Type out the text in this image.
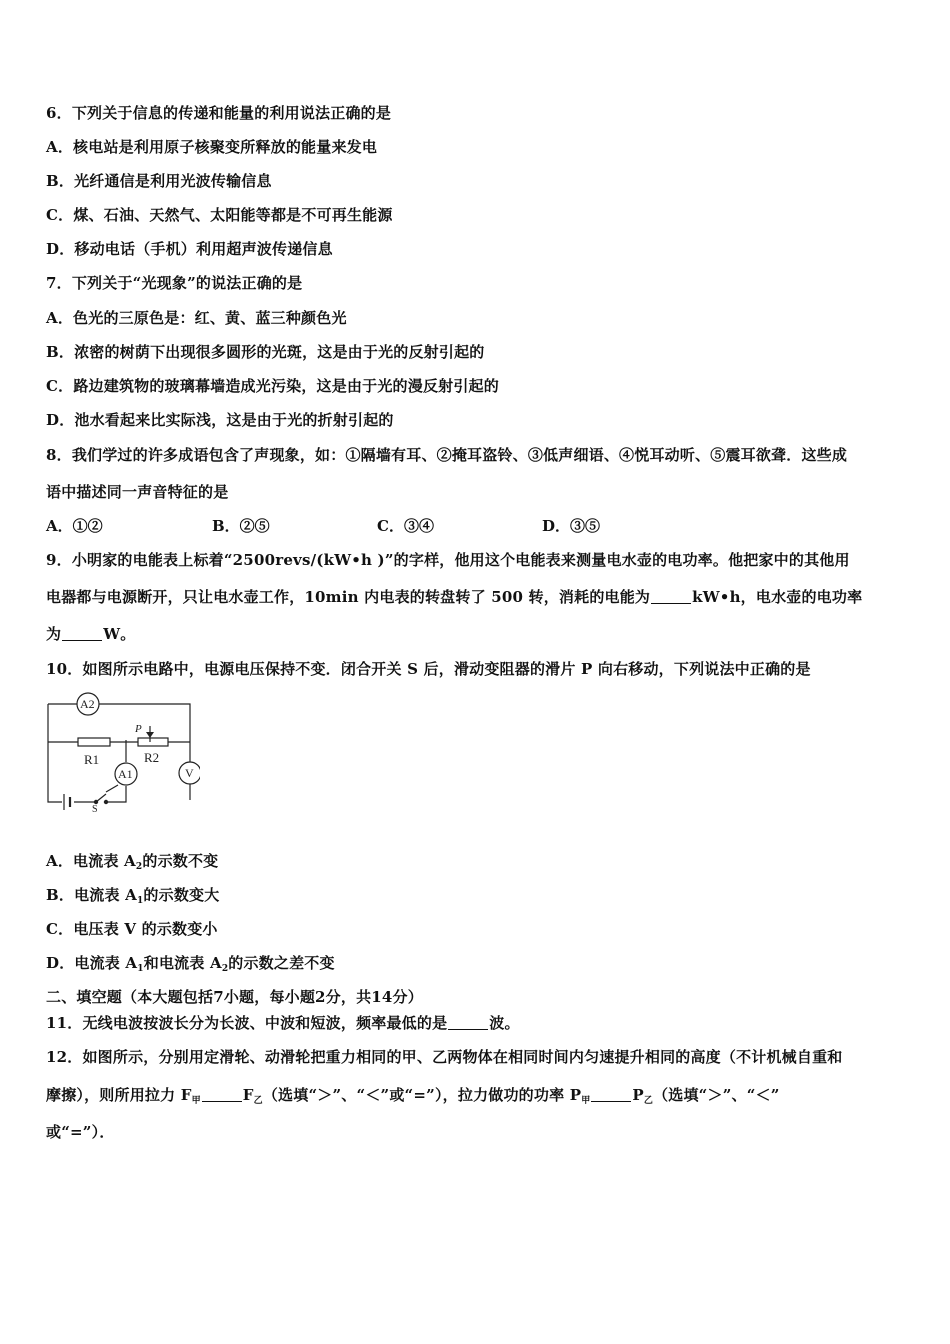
6．下列关于信息的传递和能量的利用说法正确的是
A．核电站是利用原子核聚变所释放的能量来发电
B．光纤通信是利用光波传输信息
C．煤、石油、天然气、太阳能等都是不可再生能源
D．移动电话（手机）利用超声波传递信息
7．下列关于“光现象”的说法正确的是
A．色光的三原色是：红、黄、蓝三种颜色光
B．浓密的树荫下出现很多圆形的光斑，这是由于光的反射引起的
C．路边建筑物的玻璃幕墙造成光污染，这是由于光的漫反射引起的
D．池水看起来比实际浅，这是由于光的折射引起的
8．我们学过的许多成语包含了声现象，如：①隔墙有耳、②掩耳盗铃、③低声细语、④悦耳动听、⑤震耳欲聋．这些成
语中描述同一声音特征的是
A．①②	B．②⑤	C．③④	D．③⑤
9．小明家的电能表上标着“2500revs/(kW•h )”的字样，他用这个电能表来测量电水壶的电功率。他把家中的其他用
电器都与电源断开，只让电水壶工作，10min 内电表的转盘转了 500 转，消耗的电能为	kW•h，电水壶的电功率
为	W。
10．如图所示电路中，电源电压保持不变．闭合开关 S 后，滑动变阻器的滑片 P 向右移动，下列说法中正确的是
A2
A1	V
R1	R2
P
S
A．电流表 $A_2$的示数不变
B．电流表 $A_1$的示数变大
C．电压表 V 的示数变小
D．电流表 $A_1$和电流表 $A_2$的示数之差不变
二、填空题（本大题包括7小题，每小题2分，共14分）
11．无线电波按波长分为长波、中波和短波，频率最低的是	波。
12．如图所示，分别用定滑轮、动滑轮把重力相同的甲、乙两物体在相同时间内匀速提升相同的高度（不计机械自重和
摩擦），则所用拉力 $F_甲$	$F_乙$（选填“＞”、“＜”或“=”），拉力做功的功率 $P_甲$	$P_乙$（选填“＞”、“＜”
或“=”）．
